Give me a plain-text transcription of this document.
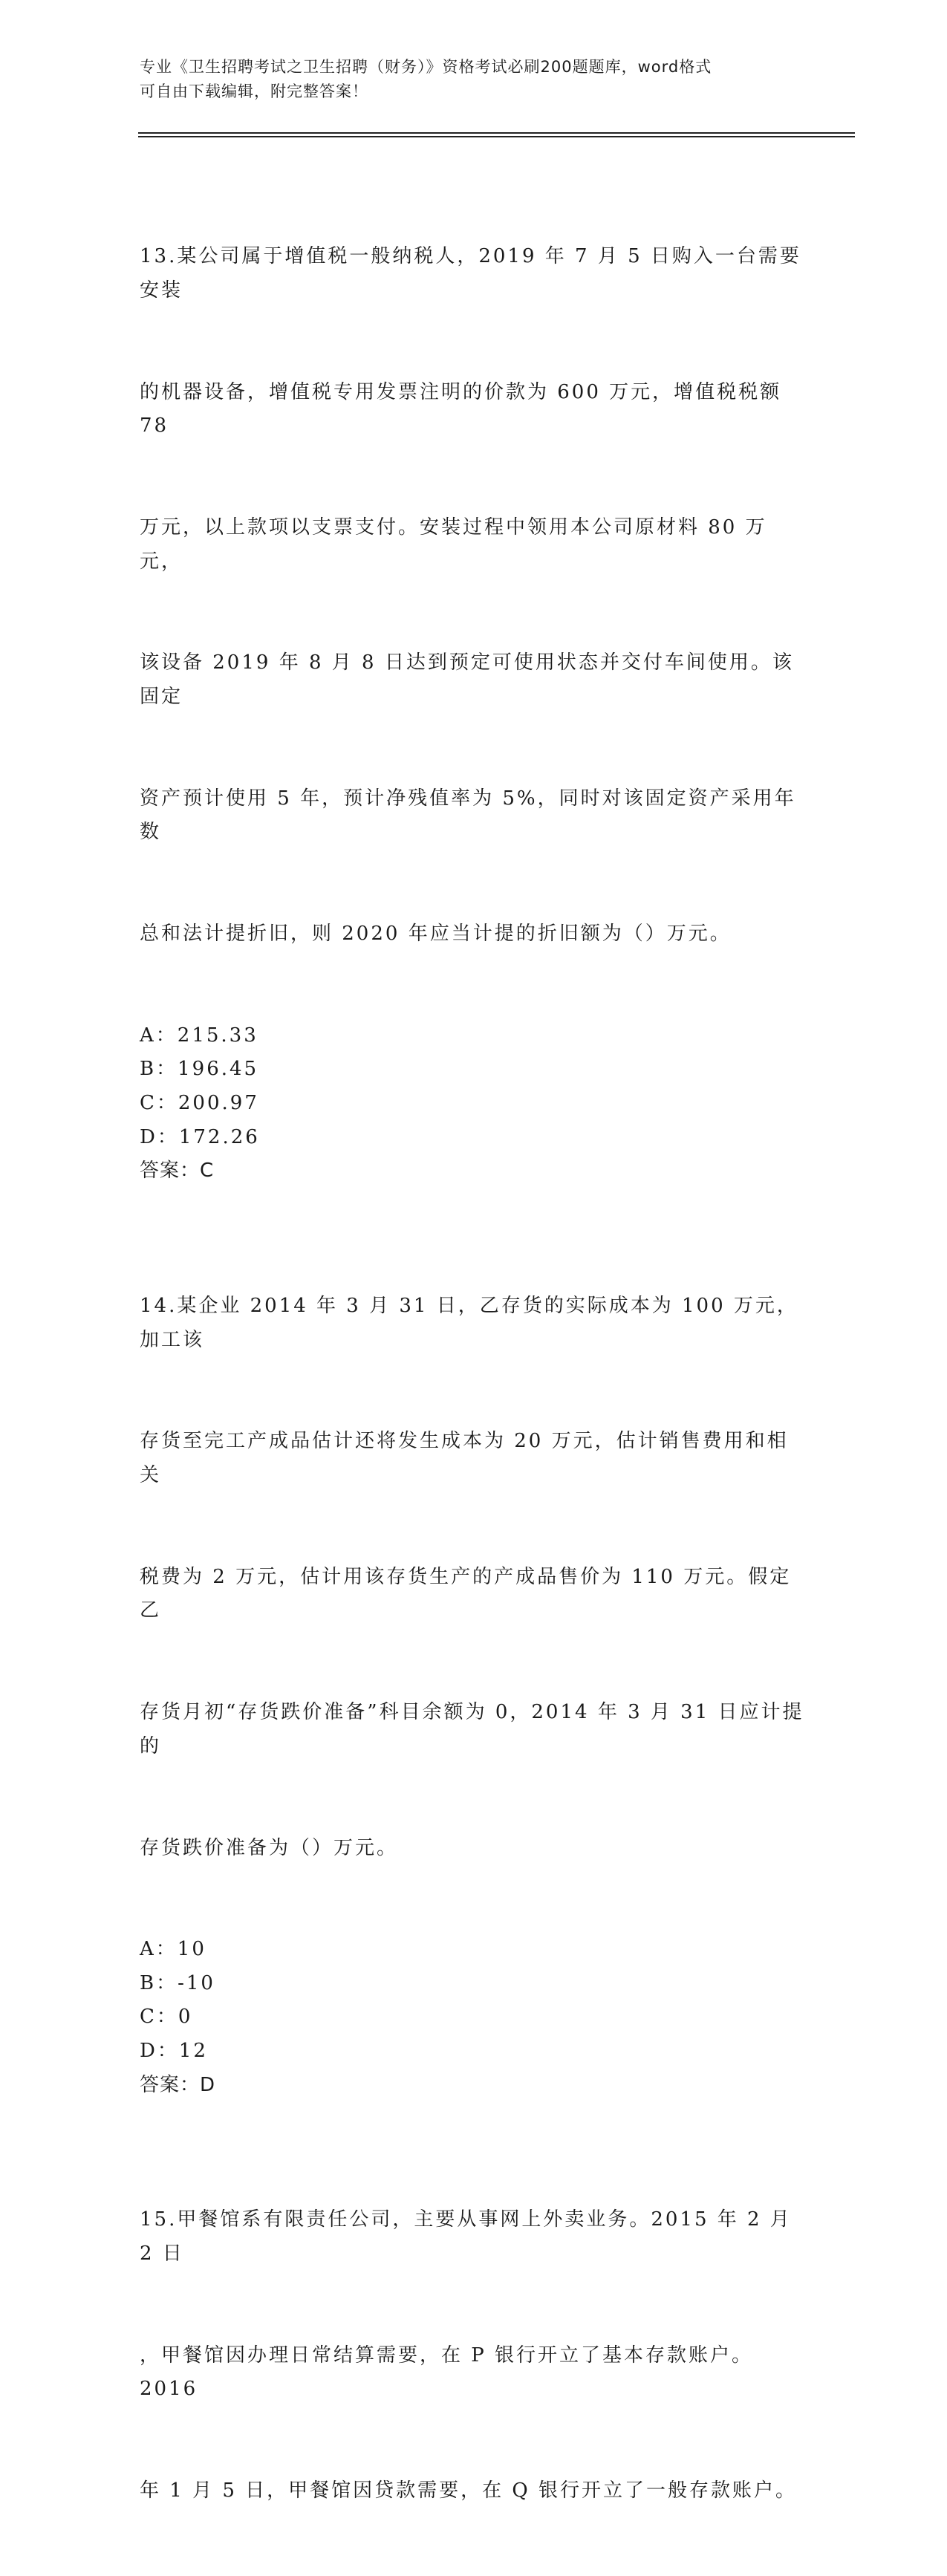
专业《卫生招聘考试之卫生招聘（财务）》资格考试必刷200题题库，word格式
可自由下载编辑，附完整答案！

13.某公司属于增值税一般纳税人，2019 年 7 月 5 日购入一台需要安装

的机器设备，增值税专用发票注明的价款为 600 万元，增值税税额 78

万元，以上款项以支票支付。安装过程中领用本公司原材料 80 万元，

该设备 2019 年 8 月 8 日达到预定可使用状态并交付车间使用。该固定

资产预计使用 5 年，预计净残值率为 5%，同时对该固定资产采用年数

总和法计提折旧，则 2020 年应当计提的折旧额为（）万元。

A：215.33
B：196.45
C：200.97
D：172.26
答案：C

14.某企业 2014 年 3 月 31 日，乙存货的实际成本为 100 万元，加工该

存货至完工产成品估计还将发生成本为 20 万元，估计销售费用和相关

税费为 2 万元，估计用该存货生产的产成品售价为 110 万元。假定乙

存货月初“存货跌价准备”科目余额为 0，2014 年 3 月 31 日应计提的

存货跌价准备为（）万元。

A：10
B：-10
C：0
D：12
答案：D

15.甲餐馆系有限责任公司，主要从事网上外卖业务。2015 年 2 月 2 日

，甲餐馆因办理日常结算需要，在 P 银行开立了基本存款账户。2016

年 1 月 5 日，甲餐馆因贷款需要，在 Q 银行开立了一般存款账户。
